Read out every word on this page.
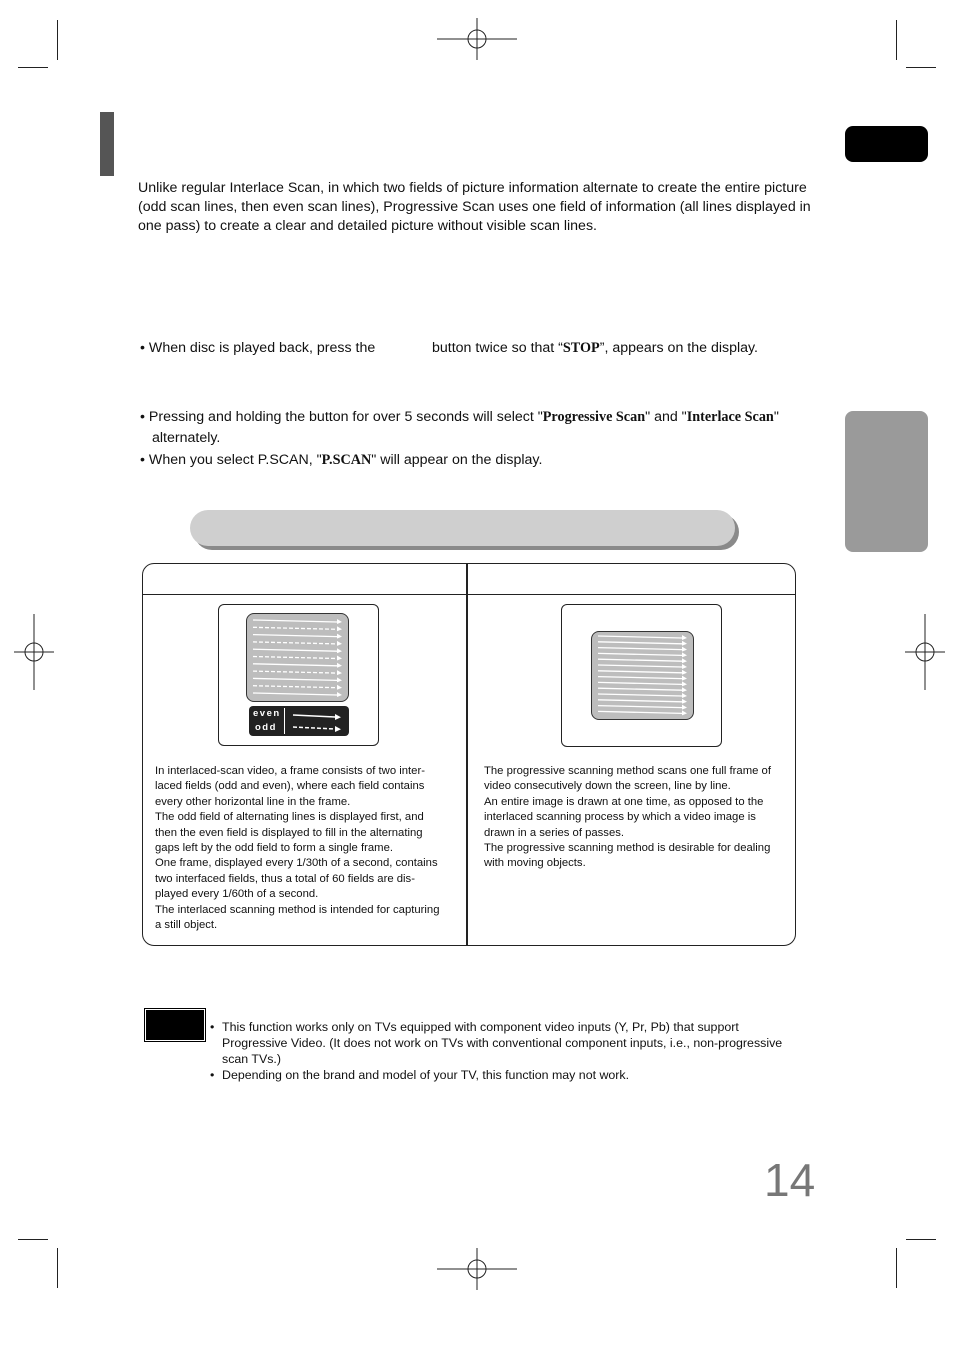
Unlike regular Interlace Scan, in which two fields of picture information alternate to create the entire picture (odd scan lines, then even scan lines), Progressive Scan uses one field of information (all lines displayed in one pass) to create a clear and detailed picture without visible scan lines.
• When disc is played back, press the	button twice so that “STOP”, appears on the display.
• Pressing and holding the button for over 5 seconds will select "Progressive Scan" and "Interlace Scan"
alternately.
• When you select P.SCAN, "P.SCAN" will appear on the display.
even
odd
In interlaced-scan video, a frame consists of two inter-
laced fields (odd and even), where each field contains
every other horizontal line in the frame.
The odd field of alternating lines is displayed first, and
then the even field is displayed to fill in the alternating
gaps left by the odd field to form a single frame.
One frame, displayed every 1/30th of a second, contains
two interfaced fields, thus a total of 60 fields are dis-
played every 1/60th of a second.
The interlaced scanning method is intended for capturing
a still object.
The progressive scanning method scans one full frame of
video consecutively down the screen, line by line.
An entire image is drawn at one time, as opposed to the
interlaced scanning process by which a video image is
drawn in a series of passes.
The progressive scanning method is desirable for dealing
with moving objects.
• This function works only on TVs equipped with component video inputs (Y, Pr, Pb) that support
Progressive Video. (It does not work on TVs with conventional component inputs, i.e., non-progressive
scan TVs.)
• Depending on the brand and model of your TV, this function may not work.
14
